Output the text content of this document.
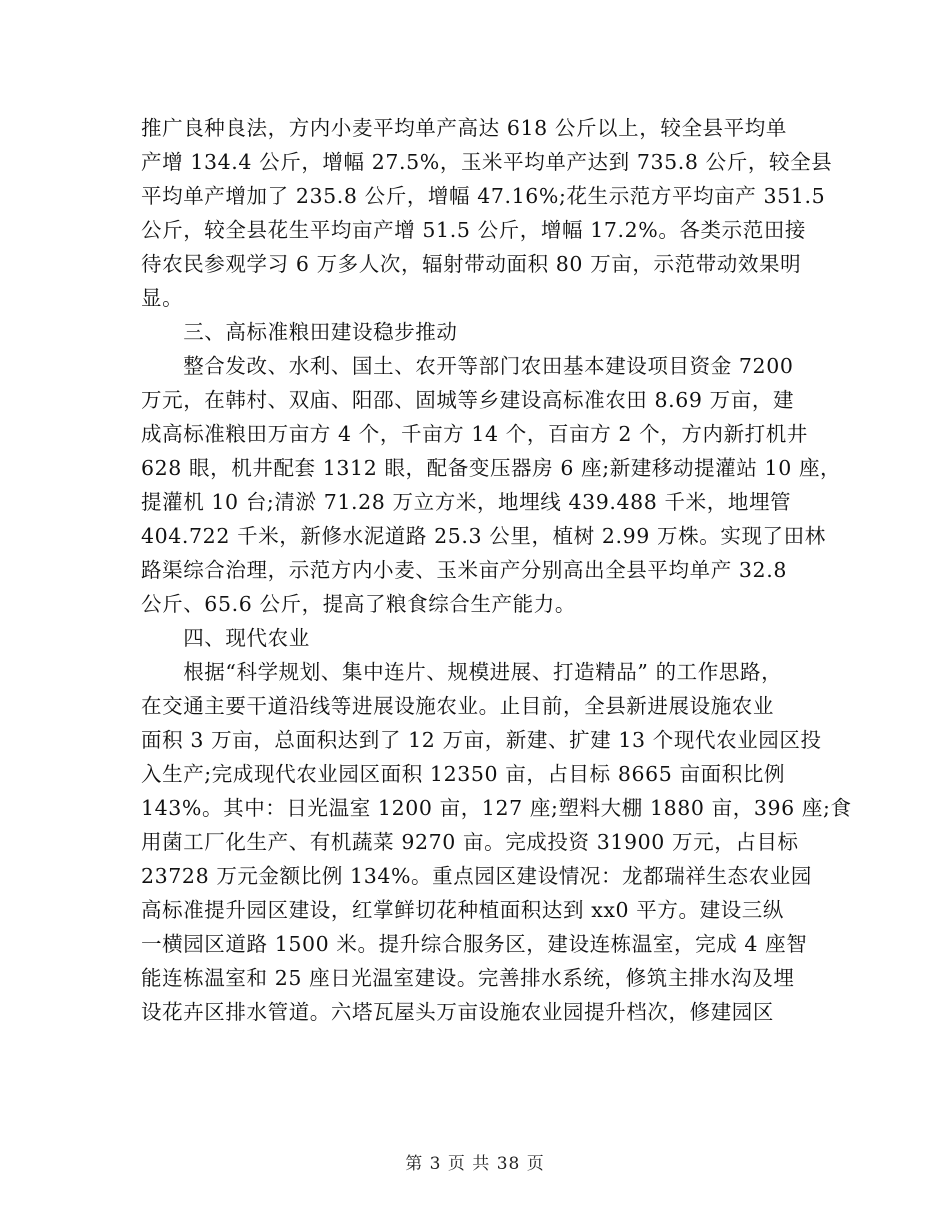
推广良种良法，方内小麦平均单产高达 618 公斤以上，较全县平均单
产增 134.4 公斤，增幅 27.5%，玉米平均单产达到 735.8 公斤，较全县
平均单产增加了 235.8 公斤，增幅 47.16%;花生示范方平均亩产 351.5
公斤，较全县花生平均亩产增 51.5 公斤，增幅 17.2%。各类示范田接
待农民参观学习 6 万多人次，辐射带动面积 80 万亩，示范带动效果明
显。
　　三、高标准粮田建设稳步推动
　　整合发改、水利、国土、农开等部门农田基本建设项目资金 7200
万元，在韩村、双庙、阳邵、固城等乡建设高标准农田 8.69 万亩，建
成高标准粮田万亩方 4 个，千亩方 14 个，百亩方 2 个，方内新打机井
628 眼，机井配套 1312 眼，配备变压器房 6 座;新建移动提灌站 10 座，
提灌机 10 台;清淤 71.28 万立方米，地埋线 439.488 千米，地埋管
404.722 千米，新修水泥道路 25.3 公里，植树 2.99 万株。实现了田林
路渠综合治理，示范方内小麦、玉米亩产分别高出全县平均单产 32.8
公斤、65.6 公斤，提高了粮食综合生产能力。
　　四、现代农业
　　根据“科学规划、集中连片、规模进展、打造精品” 的工作思路，
在交通主要干道沿线等进展设施农业。止目前，全县新进展设施农业
面积 3 万亩，总面积达到了 12 万亩，新建、扩建 13 个现代农业园区投
入生产;完成现代农业园区面积 12350 亩，占目标 8665 亩面积比例
143%。其中：日光温室 1200 亩，127 座;塑料大棚 1880 亩，396 座;食
用菌工厂化生产、有机蔬菜 9270 亩。完成投资 31900 万元，占目标
23728 万元金额比例 134%。重点园区建设情况：龙都瑞祥生态农业园
高标准提升园区建设，红掌鲜切花种植面积达到 xx0 平方。建设三纵
一横园区道路 1500 米。提升综合服务区，建设连栋温室，完成 4 座智
能连栋温室和 25 座日光温室建设。完善排水系统，修筑主排水沟及埋
设花卉区排水管道。六塔瓦屋头万亩设施农业园提升档次，修建园区
第 3 页 共 38 页
